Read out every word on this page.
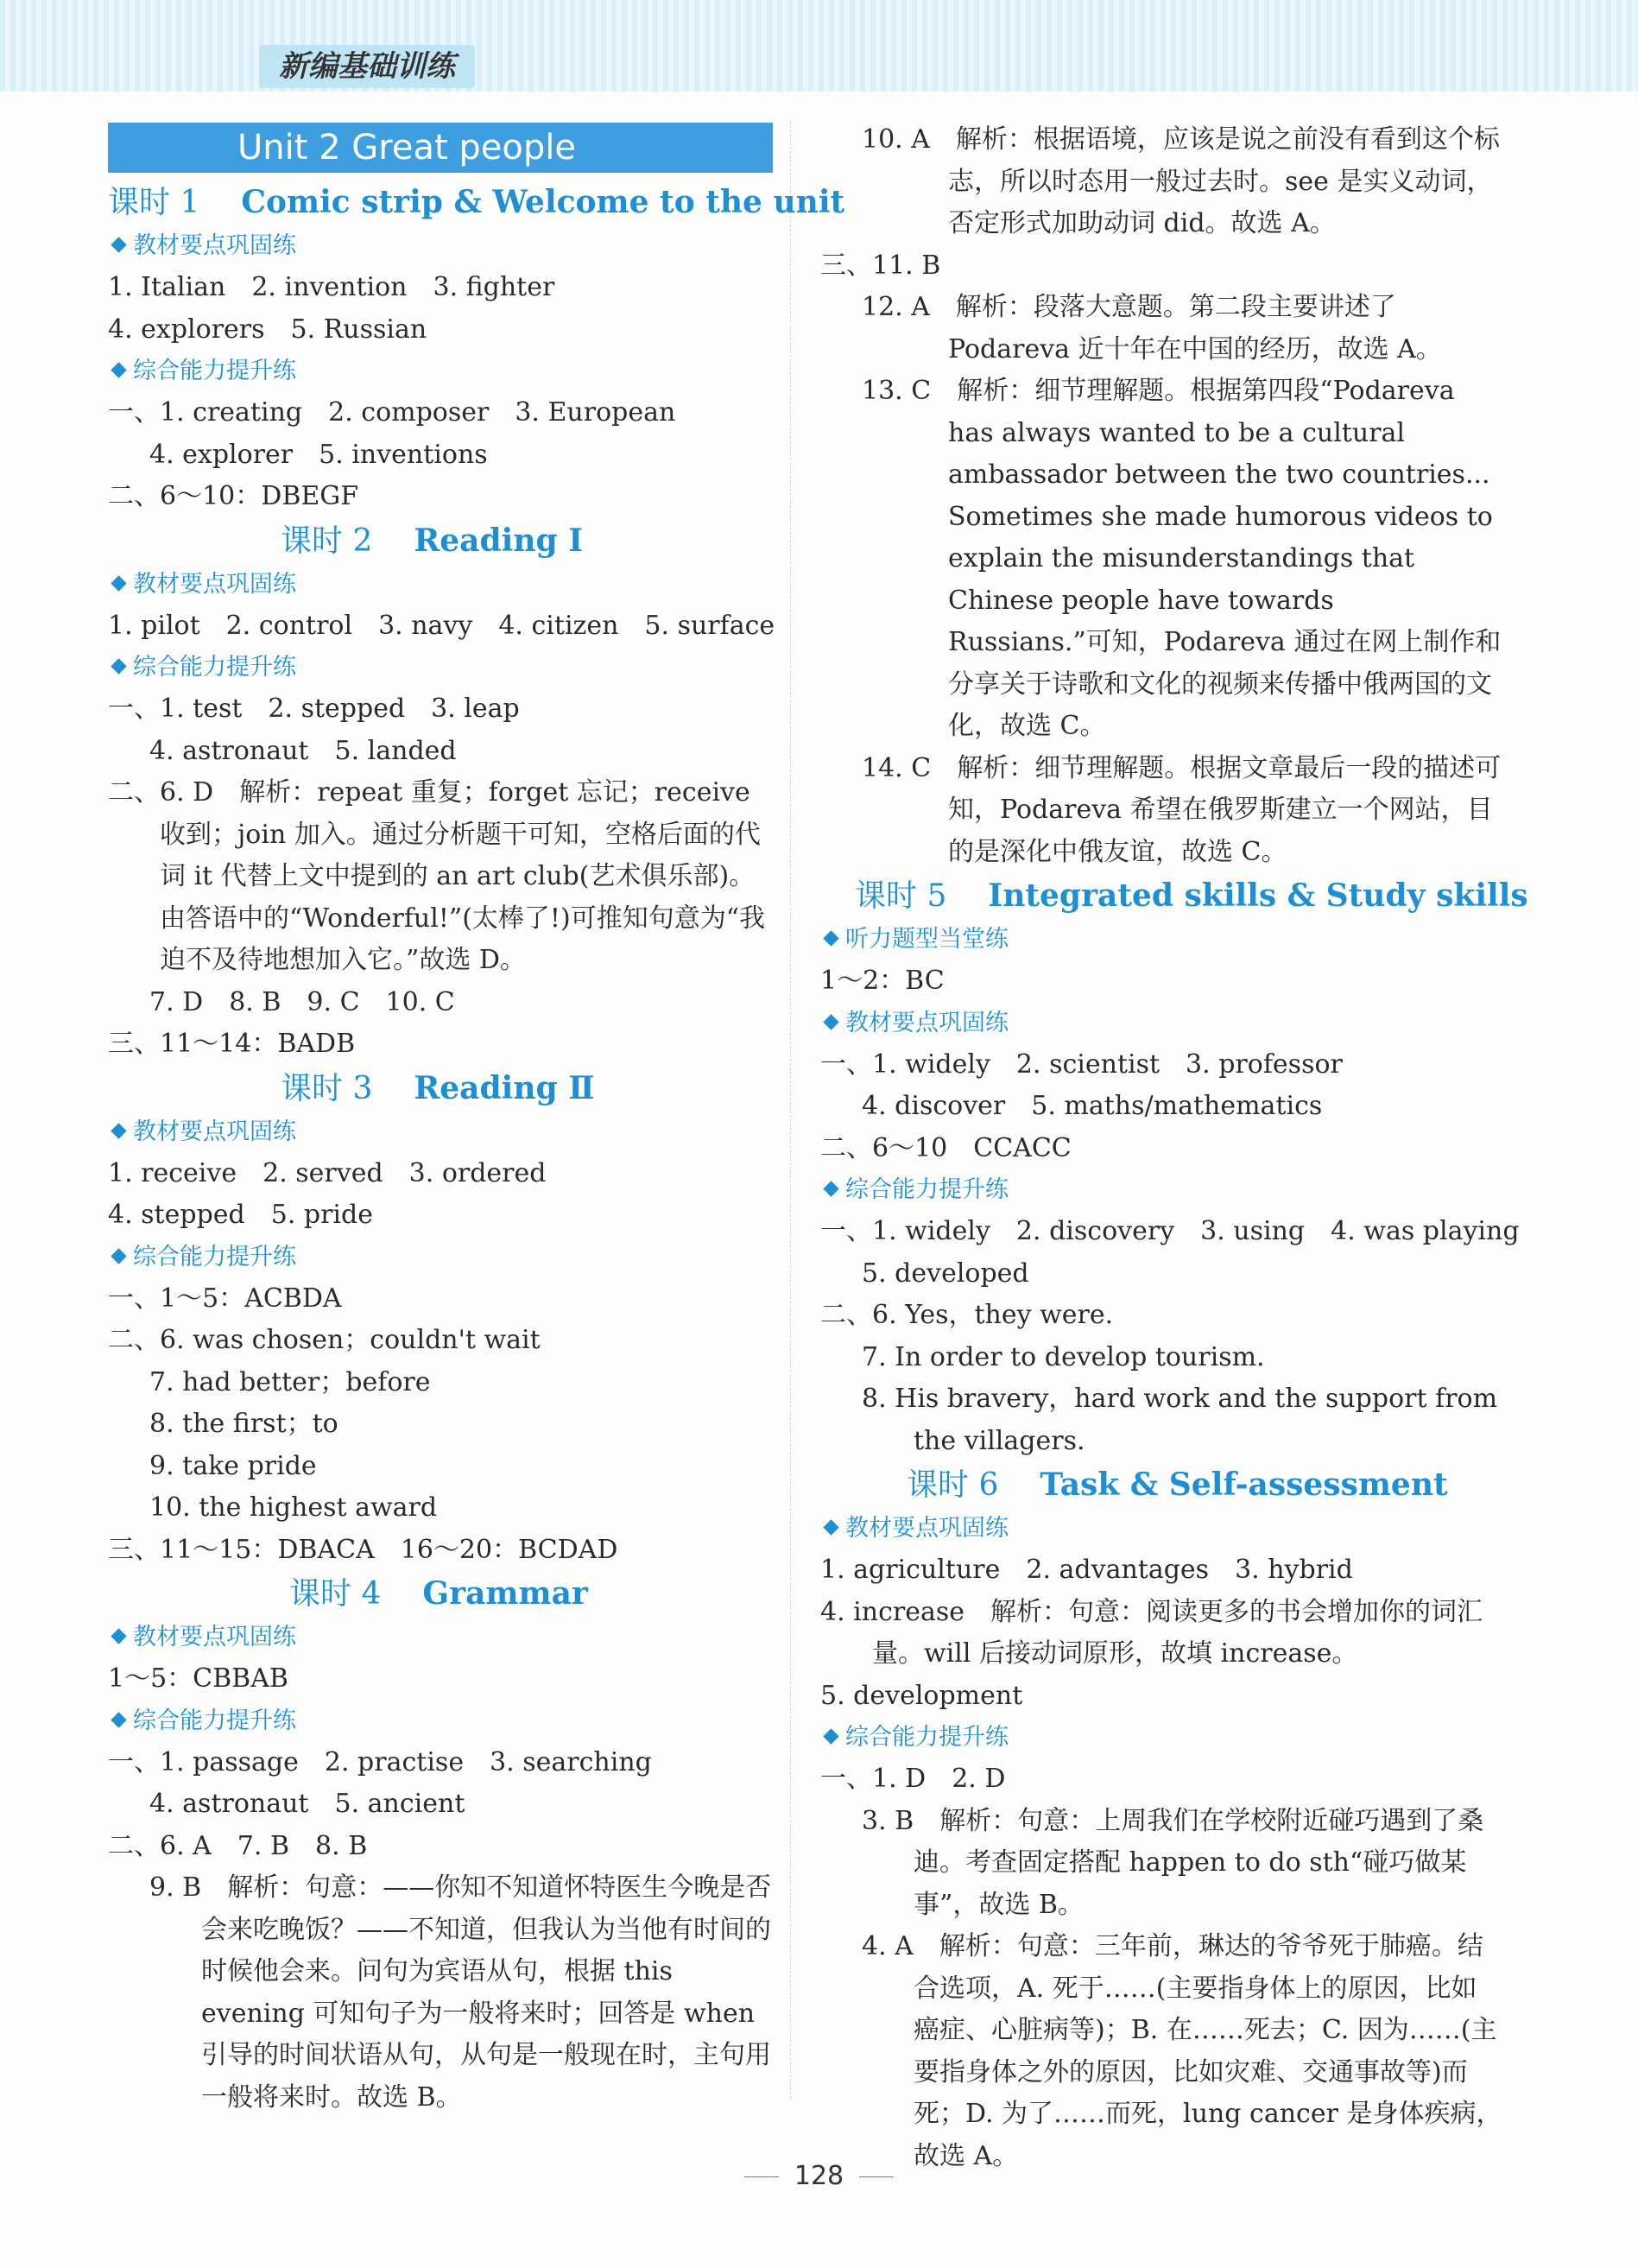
新编基础训练
Unit 2 Great people
课时 1 Comic strip & Welcome to the unit
教材要点巩固练
1. Italian　2. invention　3. fighter
4. explorers　5. Russian
综合能力提升练
一、1. creating　2. composer　3. European
4. explorer　5. inventions
二、6～10：DBEGF
课时 2 Reading Ⅰ
教材要点巩固练
1. pilot　2. control　3. navy　4. citizen　5. surface
综合能力提升练
一、1. test　2. stepped　3. leap
4. astronaut　5. landed
二、6. D　解析：repeat 重复；forget 忘记；receive 收到；join 加入。通过分析题干可知，空格后面的代词 it 代替上文中提到的 an art club(艺术俱乐部)。由答语中的“Wonderful!”(太棒了!)可推知句意为“我迫不及待地想加入它。”故选 D。
7. D　8. B　9. C　10. C
三、11～14：BADB
课时 3 Reading Ⅱ
教材要点巩固练
1. receive　2. served　3. ordered
4. stepped　5. pride
综合能力提升练
一、1～5：ACBDA
二、6. was chosen；couldn't wait
7. had better；before
8. the first；to
9. take pride
10. the highest award
三、11～15：DBACA　16～20：BCDAD
课时 4 Grammar
教材要点巩固练
1～5：CBBAB
综合能力提升练
一、1. passage　2. practise　3. searching
4. astronaut　5. ancient
二、6. A　7. B　8. B
9. B　解析：句意：——你知不知道怀特医生今晚是否会来吃晚饭？——不知道，但我认为当他有时间的时候他会来。问句为宾语从句，根据 this evening 可知句子为一般将来时；回答是 when 引导的时间状语从句，从句是一般现在时，主句用一般将来时。故选 B。
10. A　解析：根据语境，应该是说之前没有看到这个标志，所以时态用一般过去时。see 是实义动词，否定形式加助动词 did。故选 A。
三、11. B
12. A　解析：段落大意题。第二段主要讲述了 Podareva 近十年在中国的经历，故选 A。
13. C　解析：细节理解题。根据第四段“Podareva has always wanted to be a cultural ambassador between the two countries... Sometimes she made humorous videos to explain the misunderstandings that Chinese people have towards Russians.”可知，Podareva 通过在网上制作和分享关于诗歌和文化的视频来传播中俄两国的文化，故选 C。
14. C　解析：细节理解题。根据文章最后一段的描述可知，Podareva 希望在俄罗斯建立一个网站，目的是深化中俄友谊，故选 C。
课时 5 Integrated skills & Study skills
听力题型当堂练
1～2：BC
教材要点巩固练
一、1. widely　2. scientist　3. professor
4. discover　5. maths/mathematics
二、6～10　CCACC
综合能力提升练
一、1. widely　2. discovery　3. using　4. was playing
5. developed
二、6. Yes，they were.
7. In order to develop tourism.
8. His bravery，hard work and the support from the villagers.
课时 6 Task & Self-assessment
教材要点巩固练
1. agriculture　2. advantages　3. hybrid
4. increase　解析：句意：阅读更多的书会增加你的词汇量。will 后接动词原形，故填 increase。
5. development
综合能力提升练
一、1. D　2. D
3. B　解析：句意：上周我们在学校附近碰巧遇到了桑迪。考查固定搭配 happen to do sth“碰巧做某事”，故选 B。
4. A　解析：句意：三年前，琳达的爷爷死于肺癌。结合选项，A. 死于……(主要指身体上的原因，比如癌症、心脏病等)；B. 在……死去；C. 因为……(主要指身体之外的原因，比如灾难、交通事故等)而死；D. 为了……而死，lung cancer 是身体疾病，故选 A。
128
